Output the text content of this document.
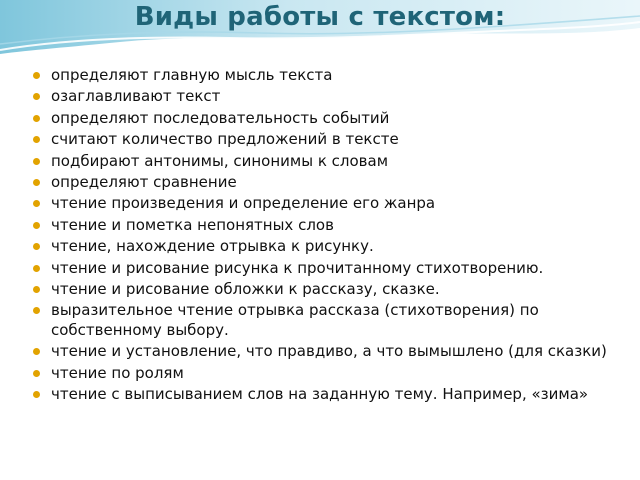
Виды работы с текстом:
определяют главную мысль текста
озаглавливают текст
определяют последовательность событий
считают количество предложений в тексте
подбирают антонимы, синонимы к словам
определяют сравнение
чтение произведения и определение его жанра
чтение и пометка непонятных слов
чтение, нахождение отрывка к рисунку.
чтение и рисование рисунка к прочитанному стихотворению.
чтение и рисование обложки к рассказу, сказке.
выразительное чтение отрывка рассказа (стихотворения) по собственному выбору.
чтение и установление, что правдиво, а что вымышлено (для сказки)
чтение по ролям
чтение с выписыванием слов на заданную тему. Например, «зима»
